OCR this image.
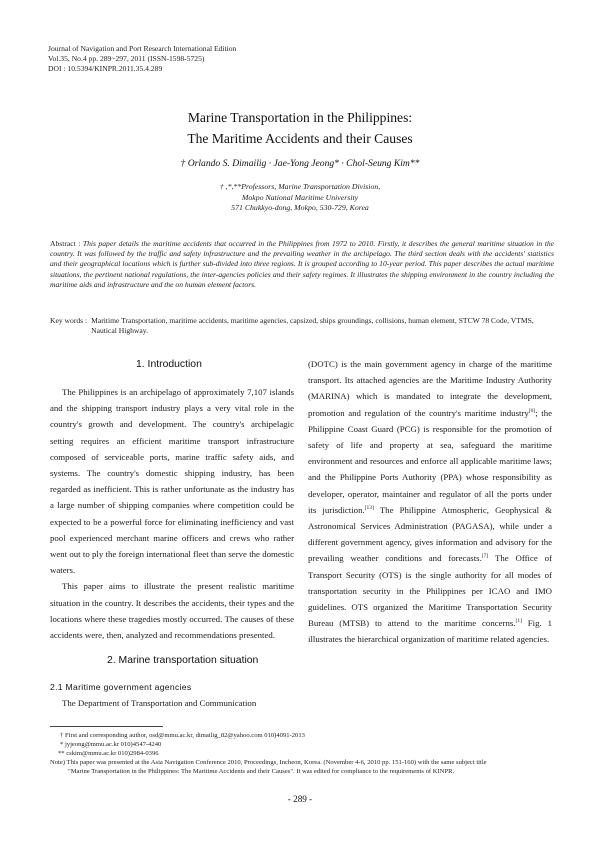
Journal of Navigation and Port Research International Edition
Vol.35, No.4 pp. 289~297, 2011 (ISSN-1598-5725)
DOI : 10.5394/KINPR.2011.35.4.289
Marine Transportation in the Philippines:
The Maritime Accidents and their Causes
† Orlando S. Dimailig · Jae-Yong Jeong* · Chol-Seung Kim**
† ,*,**Professors, Marine Transportation Division,
Mokpo National Maritime University
571 Chukkyo-dong, Mokpo, 530-729, Korea
Abstract : This paper details the maritime accidents that occurred in the Philippines from 1972 to 2010. Firstly, it describes the general maritime situation in the country. It was followed by the traffic and safety infrastructure and the prevailing weather in the archipelago. The third section deals with the accidents' statistics and their geographical locations which is further sub-divided into three regions. It is grouped according to 10-year period. This paper describes the actual maritime situations, the pertinent national regulations, the inter-agencies policies and their safety regimes. It illustrates the shipping environment in the country including the maritime aids and infrastructure and the on human element factors.
Key words : Maritime Transportation, maritime accidents, maritime agencies, capsized, ships groundings, collisions, human element, STCW 78 Code, VTMS, Nautical Highway.
1. Introduction

The Philippines is an archipelago of approximately 7,107 islands and the shipping transport industry plays a very vital role in the country's growth and development. The country's archipelagic setting requires an efficient maritime transport infrastructure composed of serviceable ports, marine traffic safety aids, and systems. The country's domestic shipping industry, has been regarded as inefficient. This is rather unfortunate as the industry has a large number of shipping companies where competition could be expected to be a powerful force for eliminating inefficiency and vast pool experienced merchant marine officers and crews who rather went out to ply the foreign international fleet than serve the domestic waters.

This paper aims to illustrate the present realistic maritime situation in the country. It describes the accidents, their types and the locations where these tragedies mostly occurred. The causes of these accidents were, then, analyzed and recommendations presented.

2. Marine transportation situation
2.1 Maritime government agencies

The Department of Transportation and Communication

(DOTC) is the main government agency in charge of the maritime transport. Its attached agencies are the Maritime Industry Authority (MARINA) which is mandated to integrate the development, promotion and regulation of the country's maritime industry[6]; the Philippine Coast Guard (PCG) is responsible for the promotion of safety of life and property at sea, safeguard the maritime environment and resources and enforce all applicable maritime laws; and the Philippine Ports Authority (PPA) whose responsibility as developer, operator, maintainer and regulator of all the ports under its jurisdiction.[13] The Philippine Atmospheric, Geophysical & Astronomical Services Administration (PAGASA), while under a different government agency, gives information and advisory for the prevailing weather conditions and forecasts.[7] The Office of Transport Security (OTS) is the single authority for all modes of transportation security in the Philippines per ICAO and IMO guidelines. OTS organized the Maritime Transportation Security Bureau (MTSB) to attend to the maritime concerns.[1] Fig. 1 illustrates the hierarchical organization of maritime related agencies.

† First and corresponding author, osd@mmu.ac.kr, dimailig_82@yahoo.com 010)4091-2013
* jyjeong@mmu.ac.kr 010)4547-4240
** cskim@mmu.ac.kr 010)2984-0396
Note) This paper was presented at the Asia Navigation Conference 2010, Proceedings, Incheon, Korea. (November 4-6, 2010 pp. 151-160) with the same subject title
"Marine Transportation in the Philippines: The Maritime Accidents and their Causes". It was edited for compliance to the requirements of KINPR.
- 289 -
